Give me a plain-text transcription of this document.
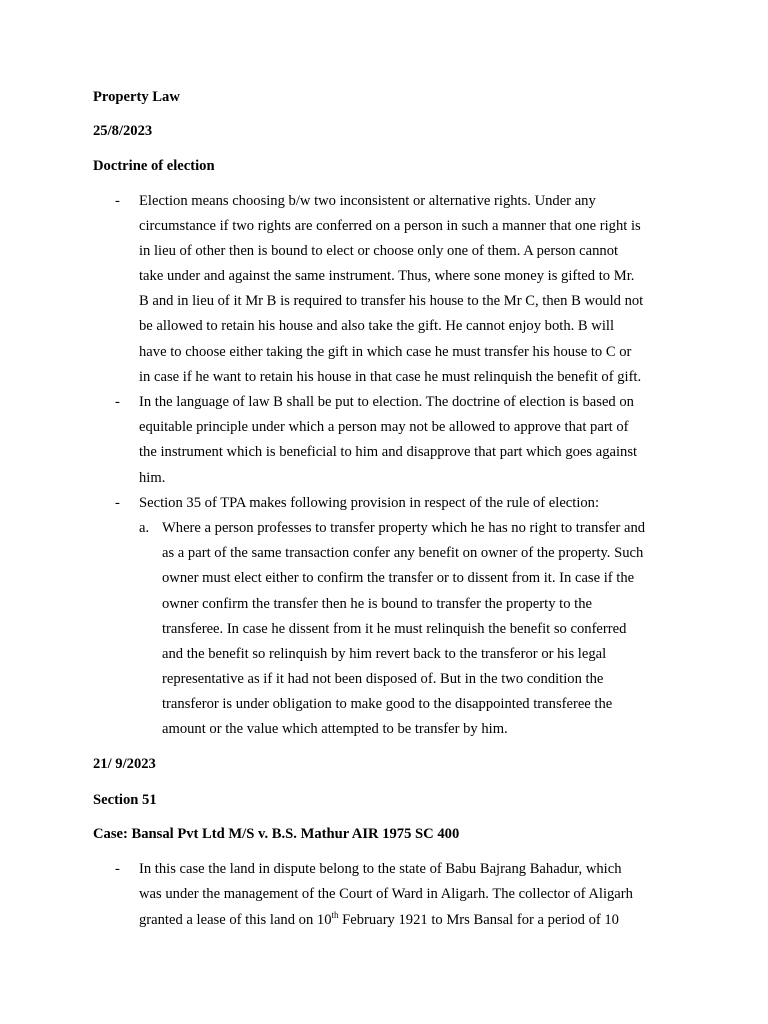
Property Law
25/8/2023
Doctrine of election
- Election means choosing b/w two inconsistent or alternative rights. Under any
circumstance if two rights are conferred on a person in such a manner that one right is
in lieu of other then is bound to elect or choose only one of them. A person cannot
take under and against the same instrument. Thus, where sone money is gifted to Mr.
B and in lieu of it Mr B is required to transfer his house to the Mr C, then B would not
be allowed to retain his house and also take the gift. He cannot enjoy both. B will
have to choose either taking the gift in which case he must transfer his house to C or
in case if he want to retain his house in that case he must relinquish the benefit of gift.
- In the language of law B shall be put to election. The doctrine of election is based on
equitable principle under which a person may not be allowed to approve that part of
the instrument which is beneficial to him and disapprove that part which goes against
him.
- Section 35 of TPA makes following provision in respect of the rule of election:
a. Where a person professes to transfer property which he has no right to transfer and
as a part of the same transaction confer any benefit on owner of the property. Such
owner must elect either to confirm the transfer or to dissent from it. In case if the
owner confirm the transfer then he is bound to transfer the property to the
transferee. In case he dissent from it he must relinquish the benefit so conferred
and the benefit so relinquish by him revert back to the transferor or his legal
representative as if it had not been disposed of. But in the two condition the
transferor is under obligation to make good to the disappointed transferee the
amount or the value which attempted to be transfer by him.
21/ 9/2023
Section 51
Case: Bansal Pvt Ltd M/S v. B.S. Mathur AIR 1975 SC 400
- In this case the land in dispute belong to the state of Babu Bajrang Bahadur, which
was under the management of the Court of Ward in Aligarh. The collector of Aligarh
granted a lease of this land on 10th February 1921 to Mrs Bansal for a period of 10
